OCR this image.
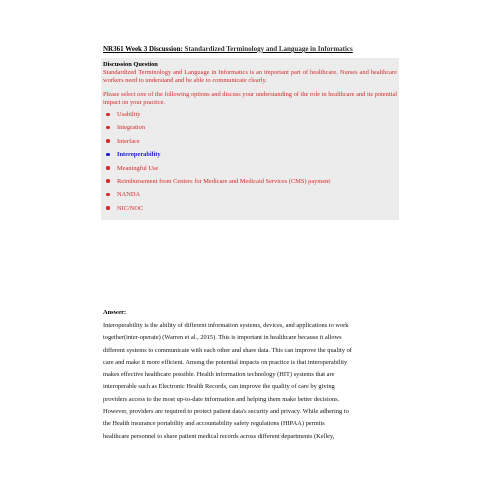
NR361 Week 3 Discussion: Standardized Terminology and Language in Informatics
Discussion Question

Standardized Terminology and Language in Informatics is an important part of healthcare. Nurses and healthcare workers need to understand and be able to communicate clearly.

Please select one of the following options and discuss your understanding of the role in healthcare and its potential impact on your practice.

Usability
Integration
Interface
Interoperability
Meaningful Use
Reimbursement from Centers for Medicare and Medicaid Services (CMS) payment
NANDA
NIC/NOC
Answer:
Interoperability is the ability of different information systems, devices, and applications to work
together(inter-operate) (Warren et al., 2015). This is important in healthcare because it allows
different systems to communicate with each other and share data. This can improve the quality of
care and make it more efficient. Among the potential impacts on practice is that interoperability
makes effective healthcare possible. Health information technology (HIT) systems that are
interoperable such as Electronic Health Records, can improve the quality of care by giving
providers access to the most up-to-date information and helping them make better decisions.
However, providers are required to protect patient data's security and privacy. While adhering to
the Health insurance portability and accountability safety regulations (HIPAA) permits
healthcare personnel to share patient medical records across different departments (Kelley,
